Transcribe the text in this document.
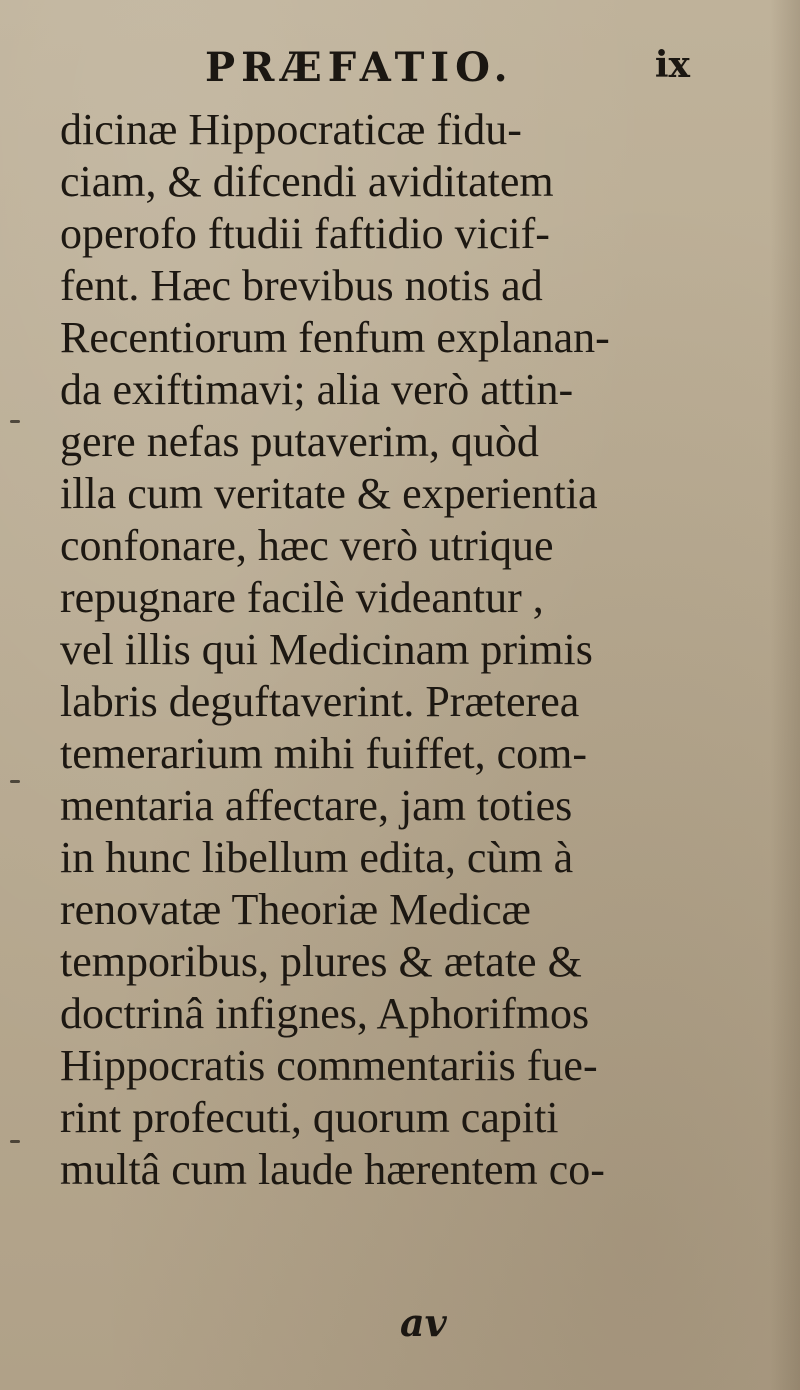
PRÆFATIO.	ix
dicinæ Hippocraticæ fidu-
ciam, & difcendi aviditatem
operofo ftudii faftidio vicif-
fent. Hæc brevibus notis ad
Recentiorum fenfum explanan-
da exiftimavi; alia verò attin-
gere nefas putaverim, quòd
illa cum veritate & experientia
confonare, hæc verò utrique
repugnare facilè videantur ,
vel illis qui Medicinam primis
labris deguftaverint. Præterea
temerarium mihi fuiffet, com-
mentaria affectare, jam toties
in hunc libellum edita, cùm à
renovatæ Theoriæ Medicæ
temporibus, plures & ætate &
doctrinâ infignes, Aphorifmos
Hippocratis commentariis fue-
rint profecuti, quorum capiti
multâ cum laude hærentem co-
av
